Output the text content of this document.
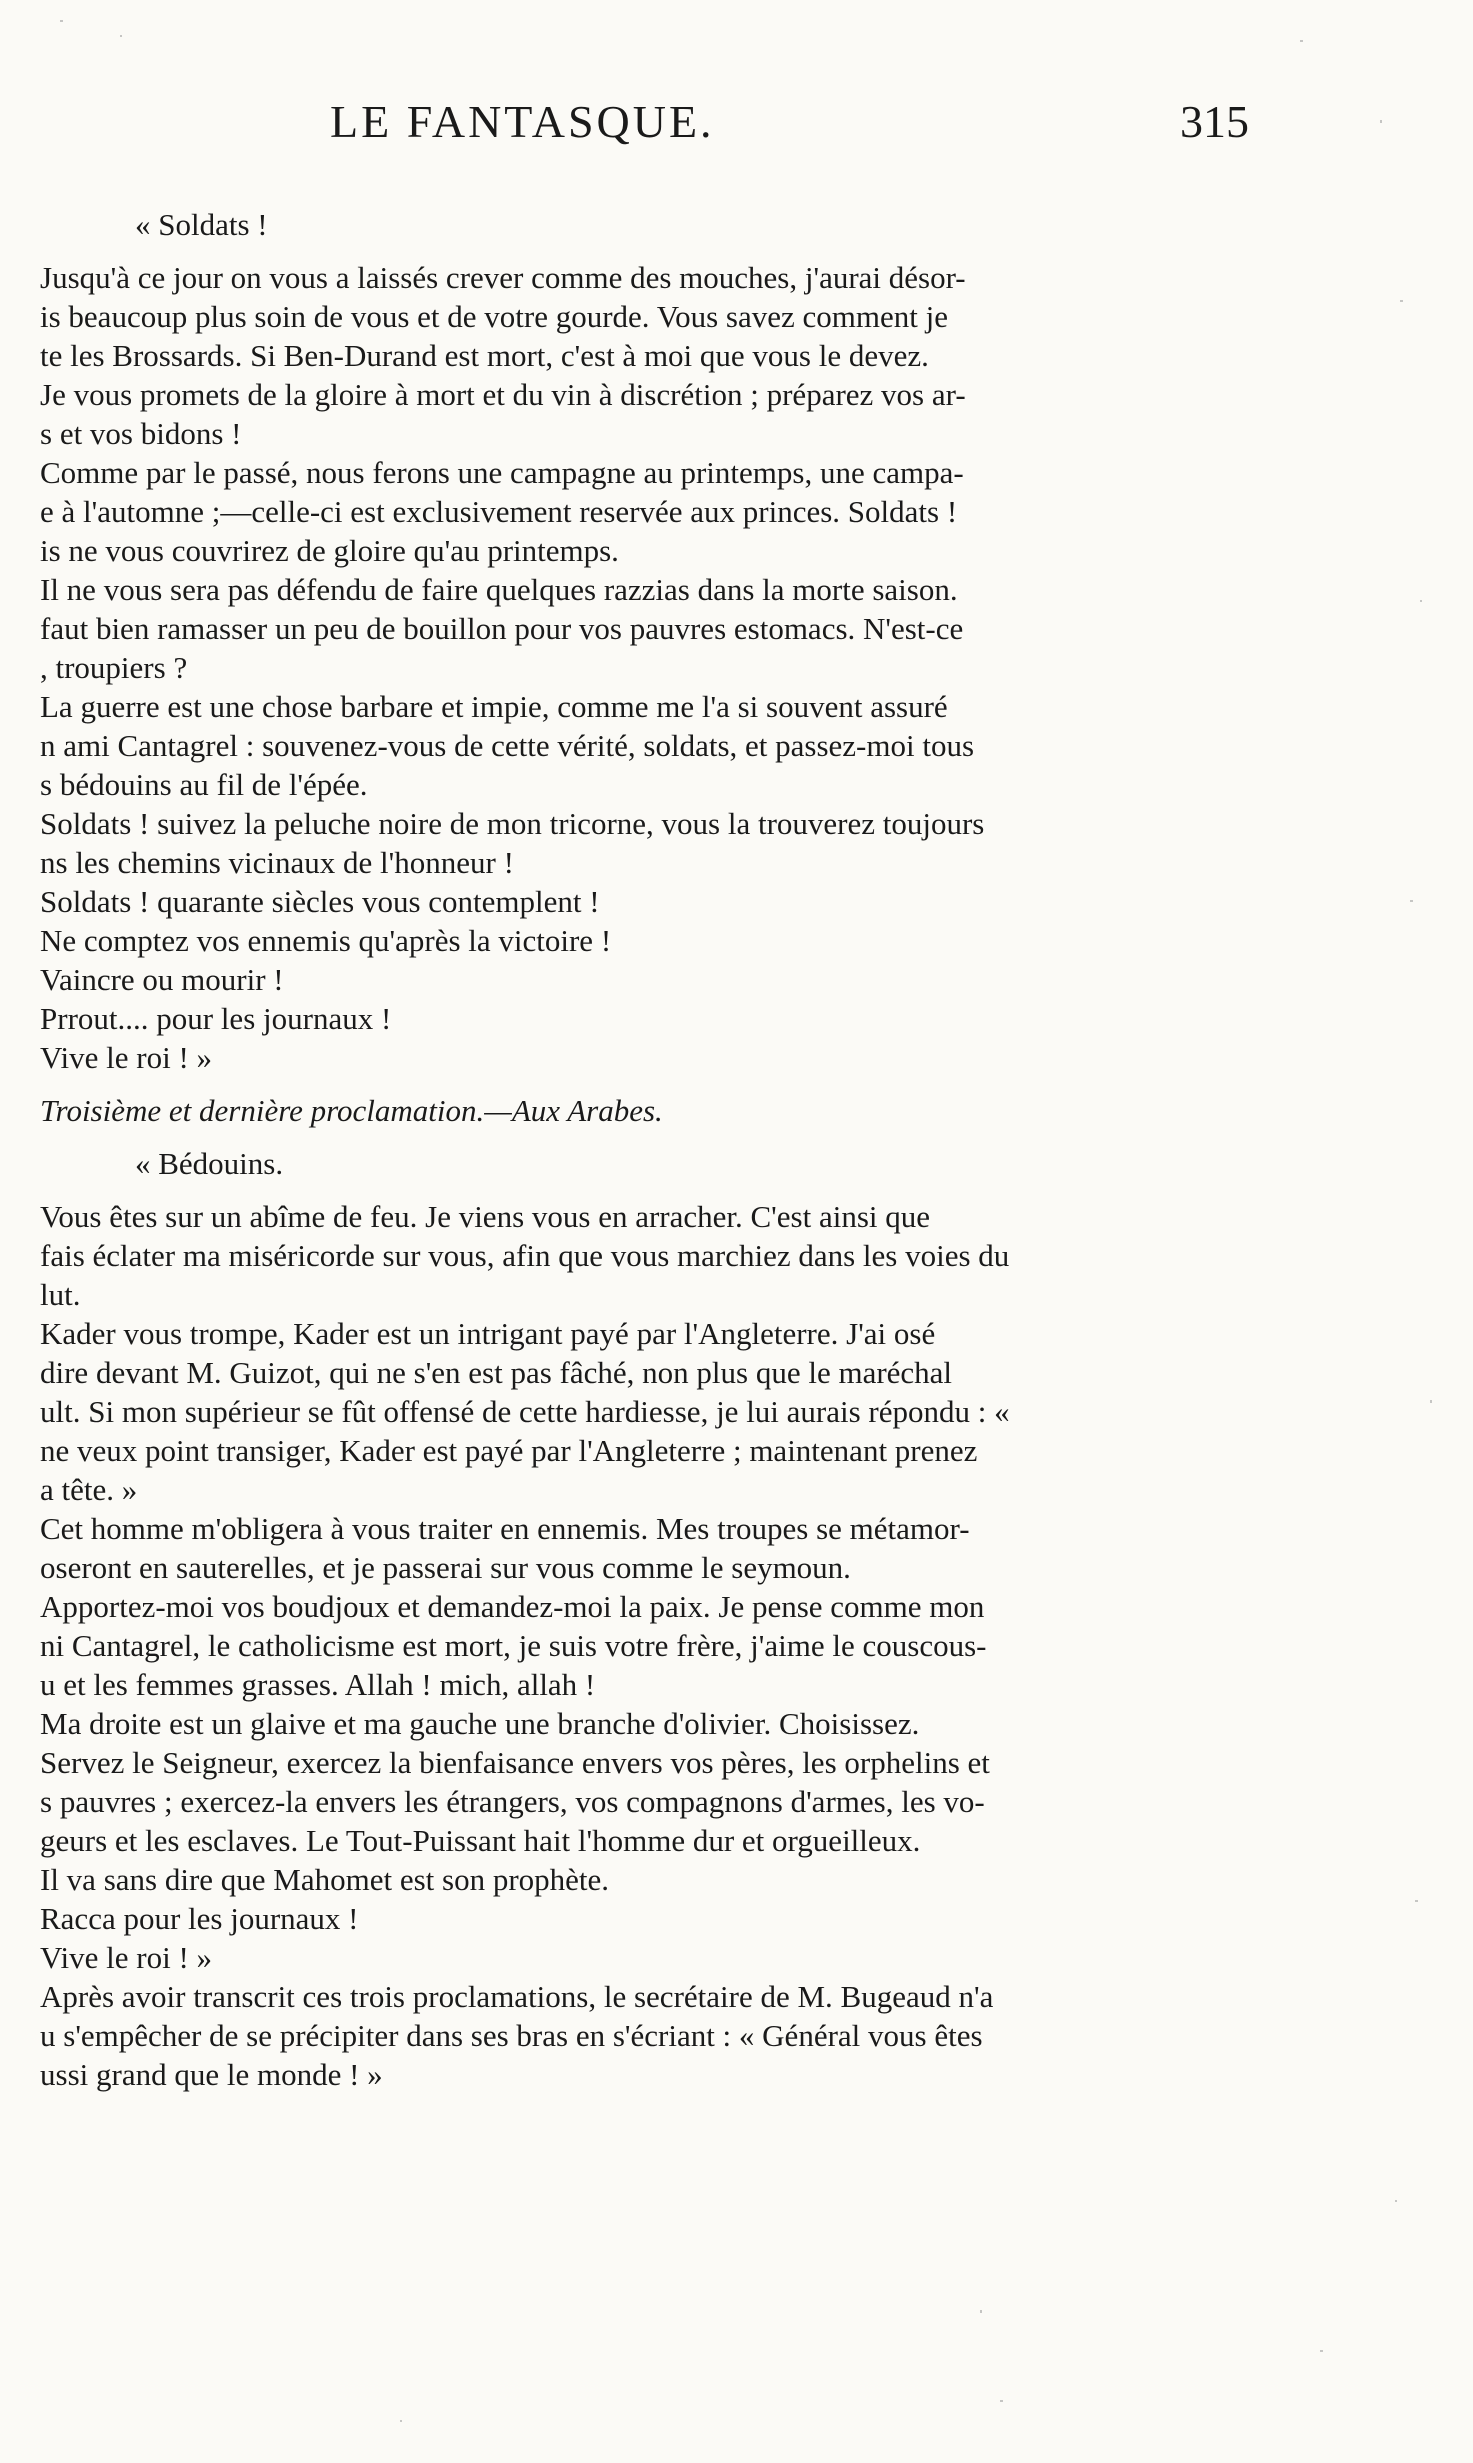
LE FANTASQUE.	315
« Soldats !
Jusqu'à ce jour on vous a laissés crever comme des mouches, j'aurai désor-
is beaucoup plus soin de vous et de votre gourde. Vous savez comment je
te les Brossards. Si Ben-Durand est mort, c'est à moi que vous le devez.
Je vous promets de la gloire à mort et du vin à discrétion ; préparez vos ar-
s et vos bidons !
Comme par le passé, nous ferons une campagne au printemps, une campa-
e à l'automne ;—celle-ci est exclusivement reservée aux princes. Soldats !
is ne vous couvrirez de gloire qu'au printemps.
Il ne vous sera pas défendu de faire quelques razzias dans la morte saison.
faut bien ramasser un peu de bouillon pour vos pauvres estomacs. N'est-ce
, troupiers ?
La guerre est une chose barbare et impie, comme me l'a si souvent assuré
n ami Cantagrel : souvenez-vous de cette vérité, soldats, et passez-moi tous
s bédouins au fil de l'épée.
Soldats ! suivez la peluche noire de mon tricorne, vous la trouverez toujours
ns les chemins vicinaux de l'honneur !
Soldats ! quarante siècles vous contemplent !
Ne comptez vos ennemis qu'après la victoire !
Vaincre ou mourir !
Prrout.... pour les journaux !
Vive le roi ! »
Troisième et dernière proclamation.—Aux Arabes.
« Bédouins.
Vous êtes sur un abîme de feu. Je viens vous en arracher. C'est ainsi que
fais éclater ma miséricorde sur vous, afin que vous marchiez dans les voies du
lut.
Kader vous trompe, Kader est un intrigant payé par l'Angleterre. J'ai osé
dire devant M. Guizot, qui ne s'en est pas fâché, non plus que le maréchal
ult. Si mon supérieur se fût offensé de cette hardiesse, je lui aurais répondu : «
ne veux point transiger, Kader est payé par l'Angleterre ; maintenant prenez
a tête. »
Cet homme m'obligera à vous traiter en ennemis. Mes troupes se métamor-
oseront en sauterelles, et je passerai sur vous comme le seymoun.
Apportez-moi vos boudjoux et demandez-moi la paix. Je pense comme mon
ni Cantagrel, le catholicisme est mort, je suis votre frère, j'aime le couscous-
u et les femmes grasses. Allah ! mich, allah !
Ma droite est un glaive et ma gauche une branche d'olivier. Choisissez.
Servez le Seigneur, exercez la bienfaisance envers vos pères, les orphelins et
s pauvres ; exercez-la envers les étrangers, vos compagnons d'armes, les vo-
geurs et les esclaves. Le Tout-Puissant hait l'homme dur et orgueilleux.
Il va sans dire que Mahomet est son prophète.
Racca pour les journaux !
Vive le roi ! »
Après avoir transcrit ces trois proclamations, le secrétaire de M. Bugeaud n'a
u s'empêcher de se précipiter dans ses bras en s'écriant : « Général vous êtes
ussi grand que le monde ! »
